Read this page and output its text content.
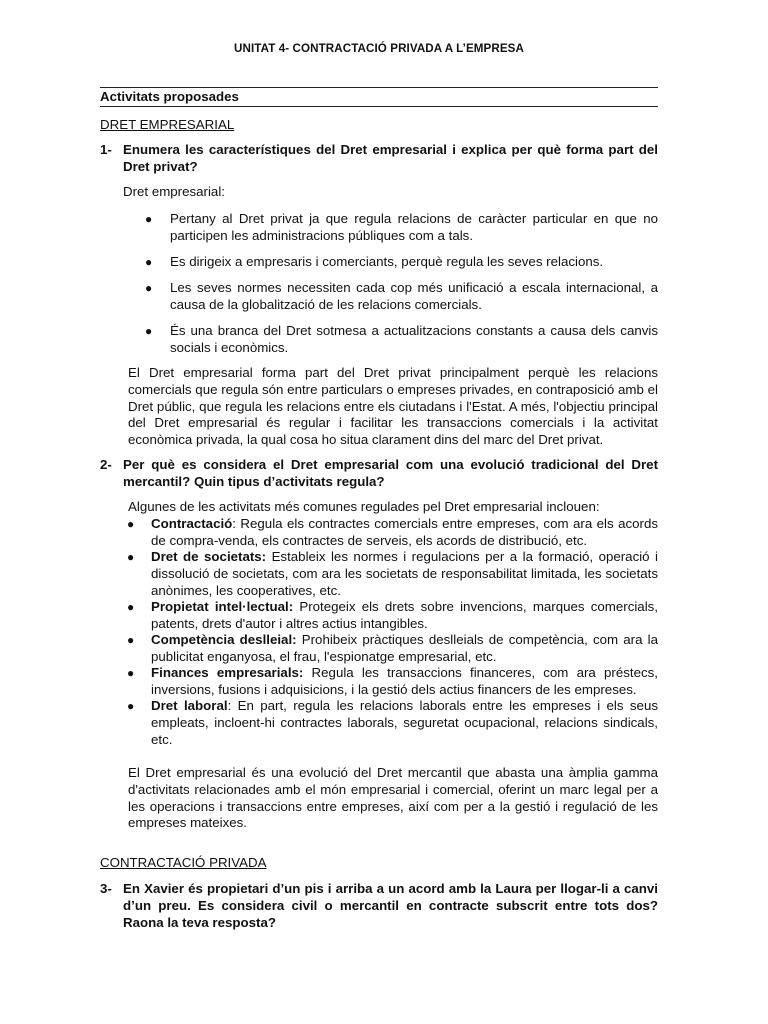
UNITAT 4- CONTRACTACIÓ PRIVADA A L’EMPRESA
Activitats proposades
DRET EMPRESARIAL
1- Enumera les característiques del Dret empresarial i explica per què forma part del Dret privat?
Dret empresarial:
● Pertany al Dret privat ja que regula relacions de caràcter particular en que no participen les administracions públiques com a tals.
● Es dirigeix a empresaris i comerciants, perquè regula les seves relacions.
● Les seves normes necessiten cada cop més unificació a escala internacional, a causa de la globalització de les relacions comercials.
● És una branca del Dret sotmesa a actualitzacions constants a causa dels canvis socials i econòmics.
El Dret empresarial forma part del Dret privat principalment perquè les relacions comercials que regula són entre particulars o empreses privades, en contraposició amb el Dret públic, que regula les relacions entre els ciutadans i l'Estat. A més, l'objectiu principal del Dret empresarial és regular i facilitar les transaccions comercials i la activitat econòmica privada, la qual cosa ho situa clarament dins del marc del Dret privat.
2- Per què es considera el Dret empresarial com una evolució tradicional del Dret mercantil? Quin tipus d’activitats regula?
Algunes de les activitats més comunes regulades pel Dret empresarial inclouen:
● Contractació: Regula els contractes comercials entre empreses, com ara els acords de compra-venda, els contractes de serveis, els acords de distribució, etc.
● Dret de societats: Estableix les normes i regulacions per a la formació, operació i dissolució de societats, com ara les societats de responsabilitat limitada, les societats anònimes, les cooperatives, etc.
● Propietat intel·lectual: Protegeix els drets sobre invencions, marques comercials, patents, drets d'autor i altres actius intangibles.
● Competència deslleial: Prohibeix pràctiques deslleials de competència, com ara la publicitat enganyosa, el frau, l'espionatge empresarial, etc.
● Finances empresarials: Regula les transaccions financeres, com ara préstecs, inversions, fusions i adquisicions, i la gestió dels actius financers de les empreses.
● Dret laboral: En part, regula les relacions laborals entre les empreses i els seus empleats, incloent-hi contractes laborals, seguretat ocupacional, relacions sindicals, etc.
El Dret empresarial és una evolució del Dret mercantil que abasta una àmplia gamma d'activitats relacionades amb el món empresarial i comercial, oferint un marc legal per a les operacions i transaccions entre empreses, així com per a la gestió i regulació de les empreses mateixes.
CONTRACTACIÓ PRIVADA
3- En Xavier és propietari d’un pis i arriba a un acord amb la Laura per llogar-li a canvi d’un preu. Es considera civil o mercantil en contracte subscrit entre tots dos? Raona la teva resposta?
